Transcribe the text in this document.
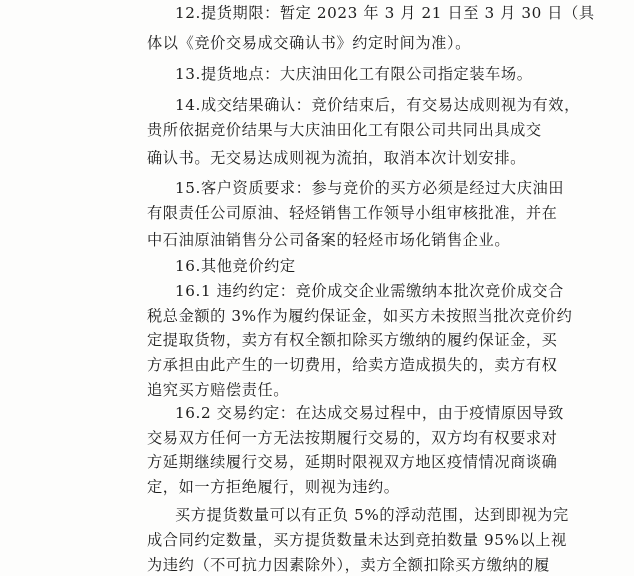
12.提货期限：暂定 2023 年 3 月 21 日至 3 月 30 日（具
体以《竞价交易成交确认书》约定时间为准）。
13.提货地点：大庆油田化工有限公司指定装车场。
14.成交结果确认：竞价结束后，有交易达成则视为有效，
贵所依据竞价结果与大庆油田化工有限公司共同出具成交
确认书。无交易达成则视为流拍，取消本次计划安排。
15.客户资质要求：参与竞价的买方必须是经过大庆油田
有限责任公司原油、轻烃销售工作领导小组审核批准，并在
中石油原油销售分公司备案的轻烃市场化销售企业。
16.其他竞价约定
16.1 违约约定：竞价成交企业需缴纳本批次竞价成交合
税总金额的 3%作为履约保证金，如买方未按照当批次竞价约
定提取货物，卖方有权全额扣除买方缴纳的履约保证金，买
方承担由此产生的一切费用，给卖方造成损失的，卖方有权
追究买方赔偿责任。
16.2 交易约定：在达成交易过程中，由于疫情原因导致
交易双方任何一方无法按期履行交易的，双方均有权要求对
方延期继续履行交易，延期时限视双方地区疫情情况商谈确
定，如一方拒绝履行，则视为违约。
买方提货数量可以有正负 5%的浮动范围，达到即视为完
成合同约定数量，买方提货数量未达到竞拍数量 95%以上视
为违约（不可抗力因素除外），卖方全额扣除买方缴纳的履
